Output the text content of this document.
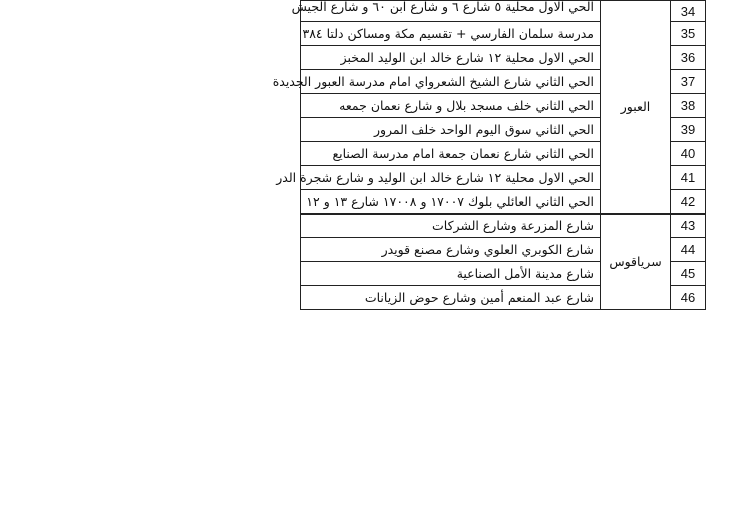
الحي الاول محلية ٥ شارع ٦ و شارع ابن ٦٠ و شارع الجيش	العبور	34
مدرسة سلمان الفارسي + تقسيم مكة ومساكن دلتا ٣٨٤		35
الحي الاول محلية ١٢ شارع خالد ابن الوليد المخبز		36
الحي الثاني شارع الشيخ الشعرواي امام مدرسة العبور الجديدة		37
الحي الثاني خلف مسجد بلال و شارع نعمان جمعه		38
الحي الثاني سوق اليوم الواحد خلف المرور		39
الحي الثاني شارع نعمان جمعة امام مدرسة الصنايع		40
الحي الاول محلية ١٢ شارع خالد ابن الوليد و شارع شجرة الدر		41
الحي الثاني العائلي بلوك ١٧٠٠٧ و ١٧٠٠٨ شارع ١٣ و ١٢		42
شارع المزرعة وشارع الشركات	سرياقوس	43
شارع الكوبري العلوي وشارع مصنع قويدر		44
شارع مدينة الأمل الصناعية		45
شارع عبد المنعم أمين وشارع حوض الزيانات		46
